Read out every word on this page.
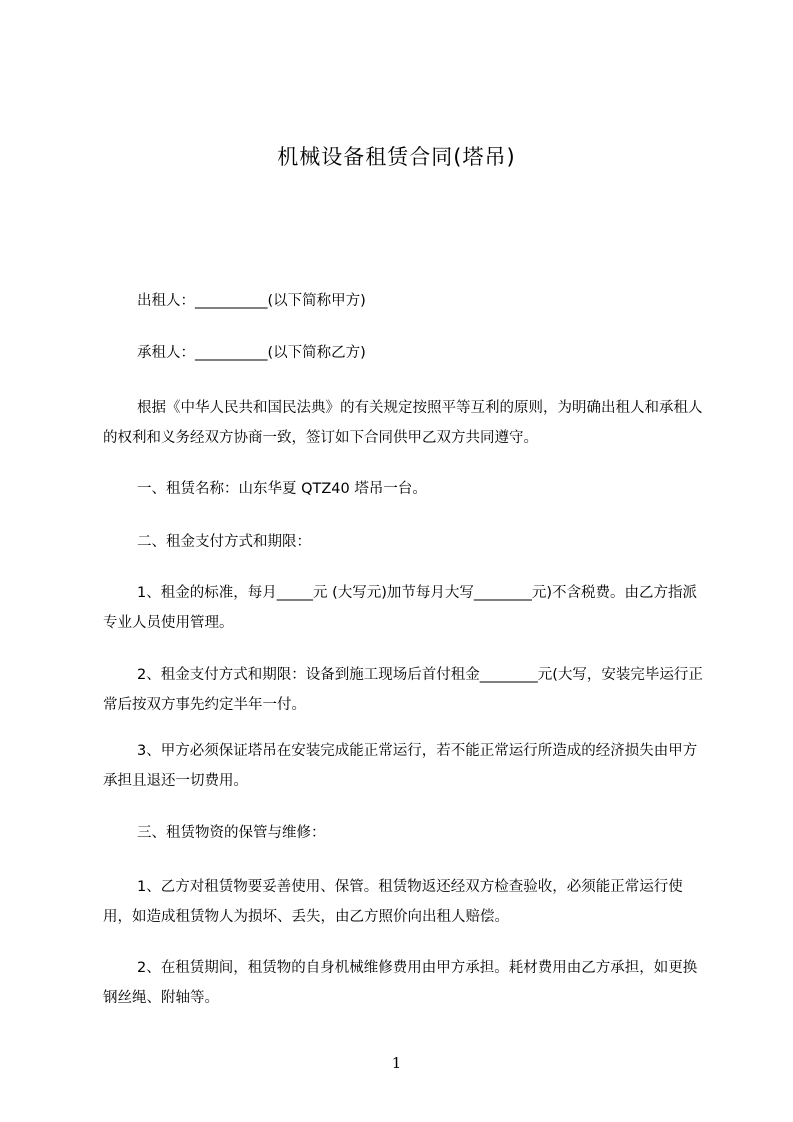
机械设备租赁合同(塔吊)

出租人：__________(以下简称甲方)

承租人：__________(以下简称乙方)

根据《中华人民共和国民法典》的有关规定按照平等互利的原则，为明确出租人和承租人的权利和义务经双方协商一致，签订如下合同供甲乙双方共同遵守。

一、租赁名称：山东华夏 QTZ40 塔吊一台。

二、租金支付方式和期限：

1、租金的标准，每月_____元 (大写元)加节每月大写________元)不含税费。由乙方指派专业人员使用管理。

2、租金支付方式和期限：设备到施工现场后首付租金________元(大写，安装完毕运行正常后按双方事先约定半年一付。

3、甲方必须保证塔吊在安装完成能正常运行，若不能正常运行所造成的经济损失由甲方承担且退还一切费用。

三、租赁物资的保管与维修：

1、乙方对租赁物要妥善使用、保管。租赁物返还经双方检查验收，必须能正常运行使用，如造成租赁物人为损坏、丢失，由乙方照价向出租人赔偿。

2、在租赁期间，租赁物的自身机械维修费用由甲方承担。耗材费用由乙方承担，如更换钢丝绳、附轴等。

1
